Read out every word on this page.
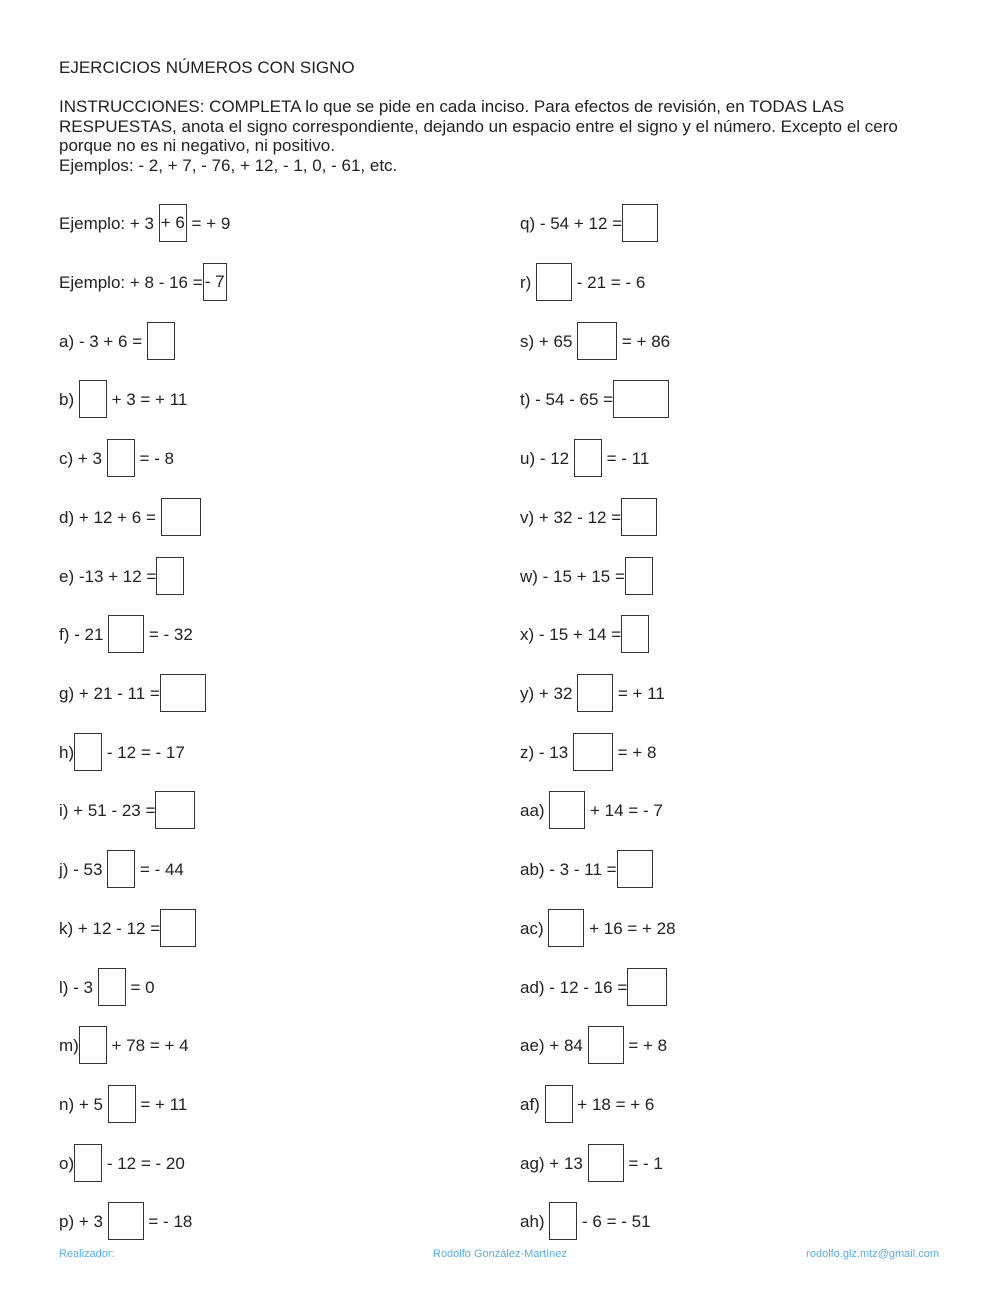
EJERCICIOS NÚMEROS CON SIGNO

INSTRUCCIONES: COMPLETA lo que se pide en cada inciso. Para efectos de revisión, en TODAS LAS RESPUESTAS, anota el signo correspondiente, dejando un espacio entre el signo y el número. Excepto el cero porque no es ni negativo, ni positivo.

Ejemplos: - 2, + 7, - 76, + 12, - 1, 0, - 61, etc.

Ejemplo: + 3 + 6 = + 9
Ejemplo: + 8 - 16 = - 7
a) - 3 + 6 =
b)  + 3 = + 11
c) + 3  = - 8
d) + 12 + 6 =
e) -13 + 12 =
f) - 21  = - 32
g) + 21 - 11 =
h) - 12 = - 17
i) + 51 - 23 =
j) - 53  = - 44
k) + 12 - 12 =
l) - 3  = 0
m) + 78 = + 4
n) + 5  = + 11
o) - 12 = - 20
p) + 3  = - 18
q) - 54 + 12 =
r)  - 21 = - 6
s) + 65  = + 86
t) - 54 - 65 =
u) - 12  = - 11
v) + 32 - 12 =
w) - 15 + 15 =
x) - 15 + 14 =
y) + 32  = + 11
z) - 13  = + 8
aa)  + 14 = - 7
ab) - 3 - 11 =
ac)  + 16 = + 28
ad) - 12 - 16 =
ae) + 84  = + 8
af)  + 18 = + 6
ag) + 13  = - 1
ah)  - 6 = - 51
Realizador:	Rodolfo González-Martínez	rodolfo.glz.mtz@gmail.com
